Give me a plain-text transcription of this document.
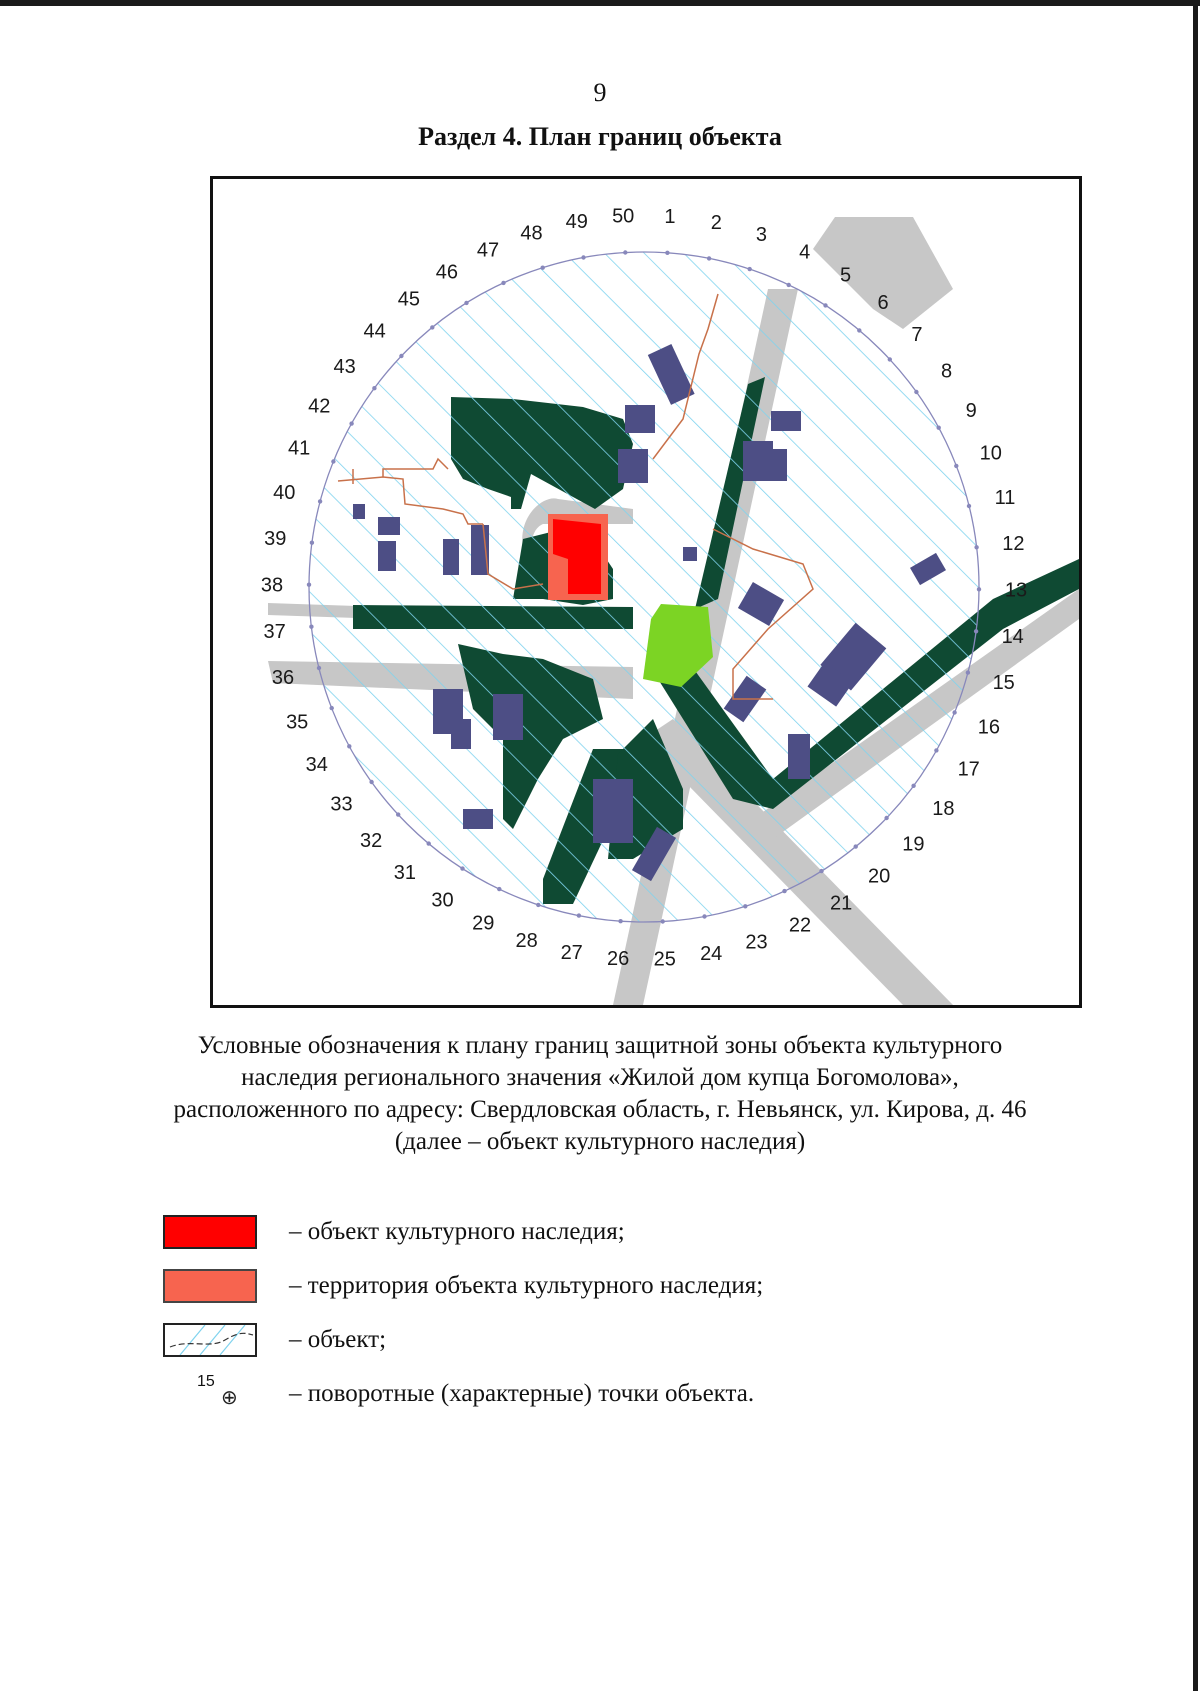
9
Раздел 4. План границ объекта
1 2
3
4
5
6
7
8
9
10
11
12
13
14
15
16
17
18
19
20
21
22
23
24
25
26
27
28
29
30
31
32
33
34
35
36
37
38
39
40
41
42
43
44
45
46
47
48
49 50
Условные обозначения к плану границ защитной зоны объекта культурного
наследия регионального значения «Жилой дом купца Богомолова»,
расположенного по адресу: Свердловская область, г. Невьянск, ул. Кирова, д. 46
(далее – объект культурного наследия)
– объект культурного наследия;
– территория объекта культурного наследия;
– объект;
15
⊕ – поворотные (характерные) точки объекта.
